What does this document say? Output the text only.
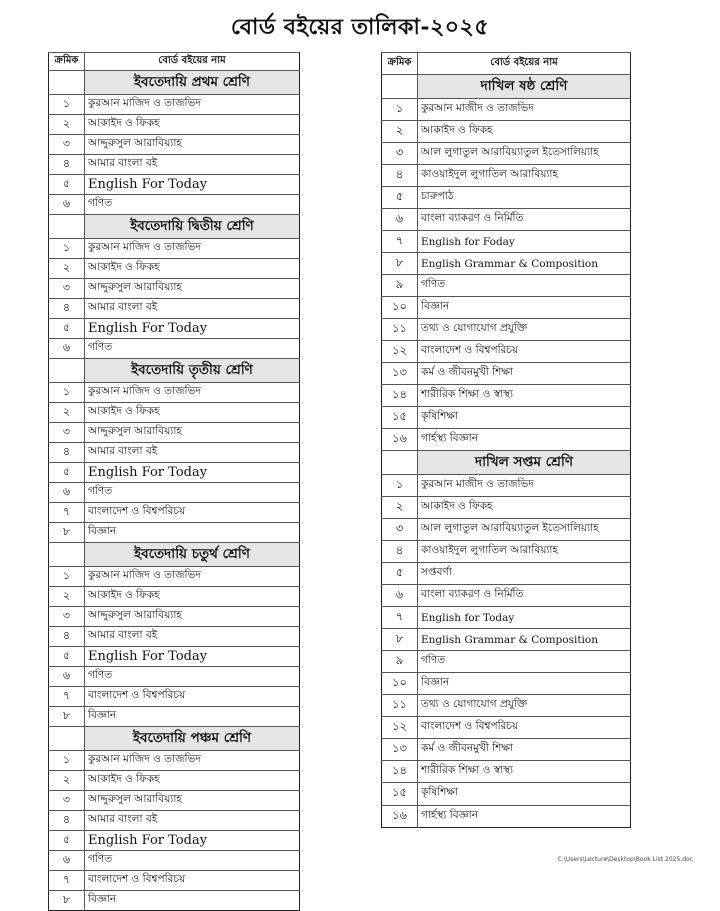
বোর্ড বইয়ের তালিকা-২০২৫
ক্রমিক	বোর্ড বইয়ের নাম
	ইবতেদায়ি প্রথম শ্রেণি
১	কুরআন মাজিদ ও তাজভিদ
২	আকাইদ ও ফিকহ
৩	আদ্দুরুসুল আরাবিয়্যাহ
৪	আমার বাংলা বই
৫	English For Today
৬	গণিত
	ইবতেদায়ি দ্বিতীয় শ্রেণি
১	কুরআন মাজিদ ও তাজভিদ
২	আকাইদ ও ফিকহ
৩	আদ্দুরুসুল আরাবিয়্যাহ
৪	আমার বাংলা বই
৫	English For Today
৬	গণিত
	ইবতেদায়ি তৃতীয় শ্রেণি
১	কুরআন মাজিদ ও তাজভিদ
২	আকাইদ ও ফিকহ
৩	আদ্দুরুসুল আরাবিয়্যাহ
৪	আমার বাংলা বই
৫	English For Today
৬	গণিত
৭	বাংলাদেশ ও বিশ্বপরিচয়
৮	বিজ্ঞান
	ইবতেদায়ি চতুর্থ শ্রেণি
১	কুরআন মাজিদ ও তাজভিদ
২	আকাইদ ও ফিকহ
৩	আদ্দুরুসুল আরাবিয়্যাহ
৪	আমার বাংলা বই
৫	English For Today
৬	গণিত
৭	বাংলাদেশ ও বিশ্বপরিচয়
৮	বিজ্ঞান
	ইবতেদায়ি পঞ্চম শ্রেণি
১	কুরআন মাজিদ ও তাজভিদ
২	আকাইদ ও ফিকহ
৩	আদ্দুরুসুল আরাবিয়্যাহ
৪	আমার বাংলা বই
৫	English For Today
৬	গণিত
৭	বাংলাদেশ ও বিশ্বপরিচয়
৮	বিজ্ঞান
ক্রমিক	বোর্ড বইয়ের নাম
	দাখিল ষষ্ঠ শ্রেণি
১	কুরআন মাজীদ ও তাজভিদ
২	আকাইদ ও ফিকহ
৩	আল লুগাতুল আরাবিয়্যাতুল ইতেসালিয়্যাহ
৪	কাওয়াইদুল লুগাতিল আরাবিয়্যাহ
৫	চারুপাঠ
৬	বাংলা ব্যাকরণ ও নির্মিতি
৭	English for Foday
৮	English Grammar & Composition
৯	গণিত
১০	বিজ্ঞান
১১	তথ্য ও যোগাযোগ প্রযুক্তি
১২	বাংলাদেশ ও বিশ্বপরিচয়
১৩	কর্ম ও জীবনমুখী শিক্ষা
১৪	শারীরিক শিক্ষা ও স্বাস্থ্য
১৫	কৃষিশিক্ষা
১৬	গার্হস্থ্য বিজ্ঞান
	দাখিল সপ্তম শ্রেণি
১	কুরআন মাজীদ ও তাজভিদ
২	আকাইদ ও ফিকহ
৩	আল লুগাতুল আরাবিয়্যাতুল ইতেসালিয়্যাহ
৪	কাওয়াইদুল লুগাতিল আরাবিয়্যাহ
৫	সপ্তবর্ণা
৬	বাংলা ব্যাকরণ ও নির্মিতি
৭	English for Today
৮	English Grammar & Composition
৯	গণিত
১০	বিজ্ঞান
১১	তথ্য ও যোগাযোগ প্রযুক্তি
১২	বাংলাদেশ ও বিশ্বপরিচয়
১৩	কর্ম ও জীবনমুখী শিক্ষা
১৪	শারীরিক শিক্ষা ও স্বাস্থ্য
১৫	কৃষিশিক্ষা
১৬	গার্হস্থ্য বিজ্ঞান
C:\Users\Lecture\Desktop\Book List 2025.doc
